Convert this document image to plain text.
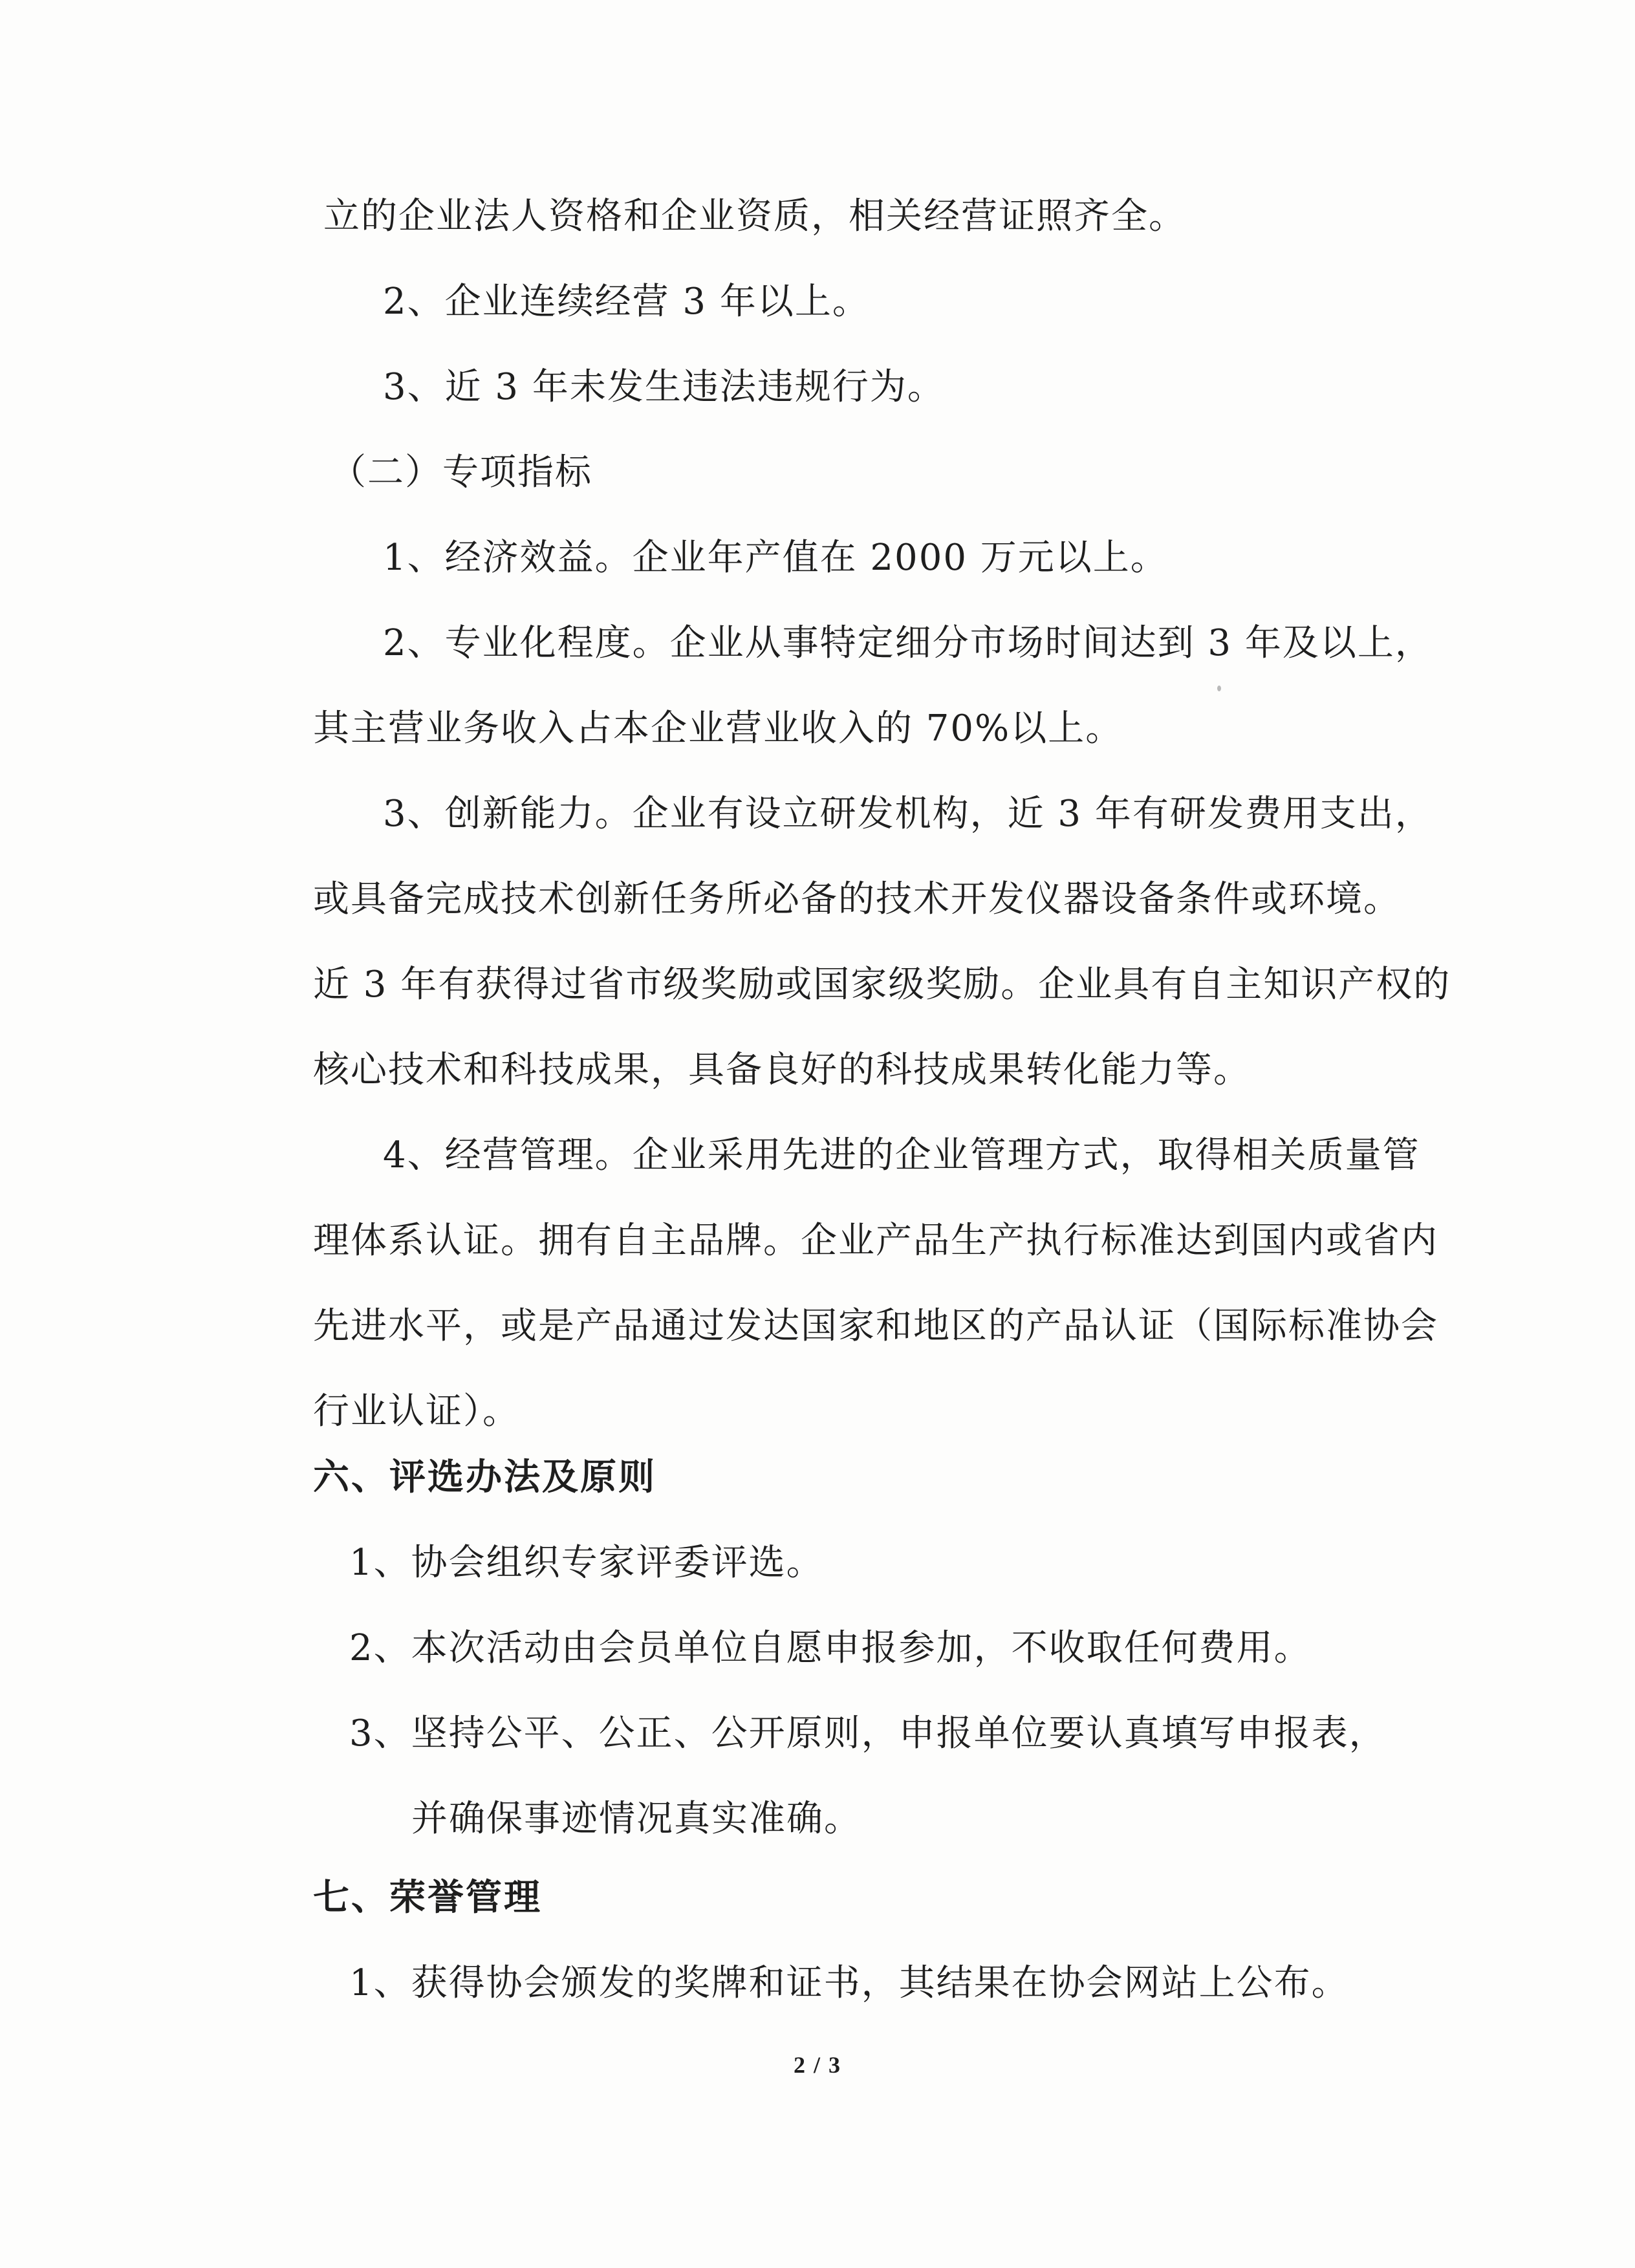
立的企业法人资格和企业资质，相关经营证照齐全。
2、企业连续经营 3 年以上。
3、近 3 年未发生违法违规行为。
（二）专项指标
1、经济效益。企业年产值在 2000 万元以上。
2、专业化程度。企业从事特定细分市场时间达到 3 年及以上，
其主营业务收入占本企业营业收入的 70%以上。
3、创新能力。企业有设立研发机构，近 3 年有研发费用支出，
或具备完成技术创新任务所必备的技术开发仪器设备条件或环境。
近 3 年有获得过省市级奖励或国家级奖励。企业具有自主知识产权的
核心技术和科技成果，具备良好的科技成果转化能力等。
4、经营管理。企业采用先进的企业管理方式，取得相关质量管
理体系认证。拥有自主品牌。企业产品生产执行标准达到国内或省内
先进水平，或是产品通过发达国家和地区的产品认证（国际标准协会
行业认证）。
六、评选办法及原则
1、协会组织专家评委评选。
2、本次活动由会员单位自愿申报参加，不收取任何费用。
3、坚持公平、公正、公开原则，申报单位要认真填写申报表，
并确保事迹情况真实准确。
七、荣誉管理
1、获得协会颁发的奖牌和证书，其结果在协会网站上公布。
2 / 3
